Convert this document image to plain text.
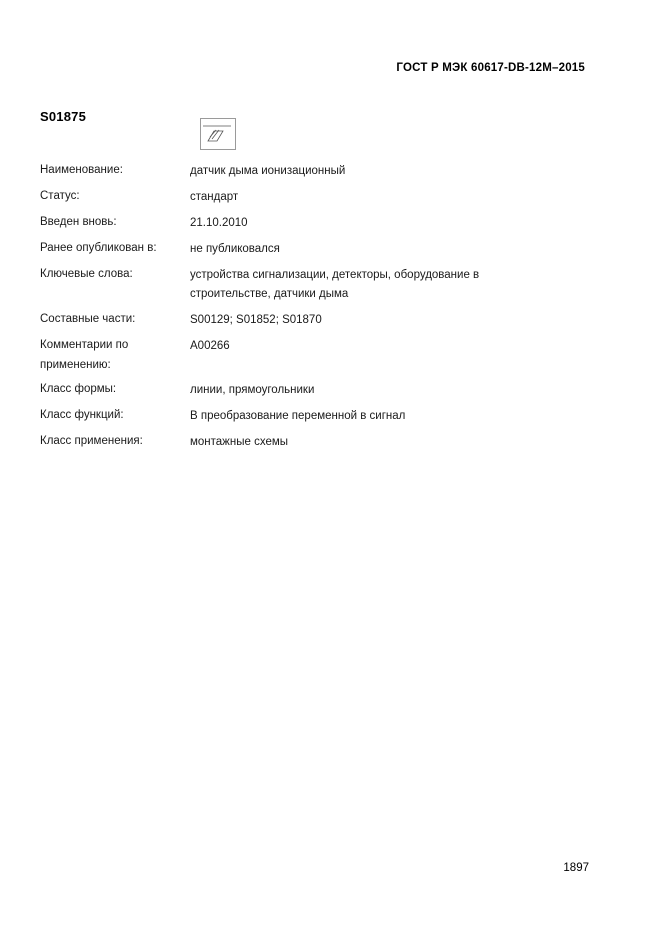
ГОСТ Р МЭК 60617-DB-12M–2015
S01875
Наименование:	датчик дыма ионизационный
Статус:	стандарт
Введен вновь:	21.10.2010
Ранее опубликован в:	не публиковался
Ключевые слова:	устройства сигнализации, детекторы, оборудование в
строительстве, датчики дыма
Составные части:	S00129; S01852; S01870
Комментарии по
применению:
А00266
Класс формы:	линии, прямоугольники
Класс функций:	В преобразование переменной в сигнал
Класс применения:	монтажные схемы
1897
